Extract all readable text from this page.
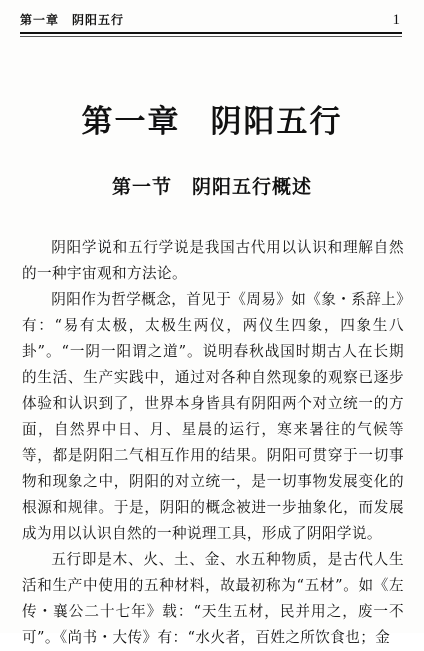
第一章　阴阳五行	1
第一章 阴阳五行
第一节 阴阳五行概述

阴阳学说和五行学说是我国古代用以认识和理解自然的一种宇宙观和方法论。

阴阳作为哲学概念，首见于《周易》如《象・系辞上》有：“易有太极，太极生两仪，两仪生四象，四象生八卦”。“一阴一阳谓之道”。说明春秋战国时期古人在长期的生活、生产实践中，通过对各种自然现象的观察已逐步体验和认识到了，世界本身皆具有阴阳两个对立统一的方面，自然界中日、月、星晨的运行，寒来暑往的气候等等，都是阴阳二气相互作用的结果。阴阳可贯穿于一切事物和现象之中，阴阳的对立统一，是一切事物发展变化的根源和规律。于是，阴阳的概念被进一步抽象化，而发展成为用以认识自然的一种说理工具，形成了阴阳学说。

五行即是木、火、土、金、水五种物质，是古代人生活和生产中使用的五种材料，故最初称为“五材”。如《左传・襄公二十七年》载：“天生五材，民并用之，废一不可”。《尚书・大传》有：“水火者，百姓之所饮食也；金
